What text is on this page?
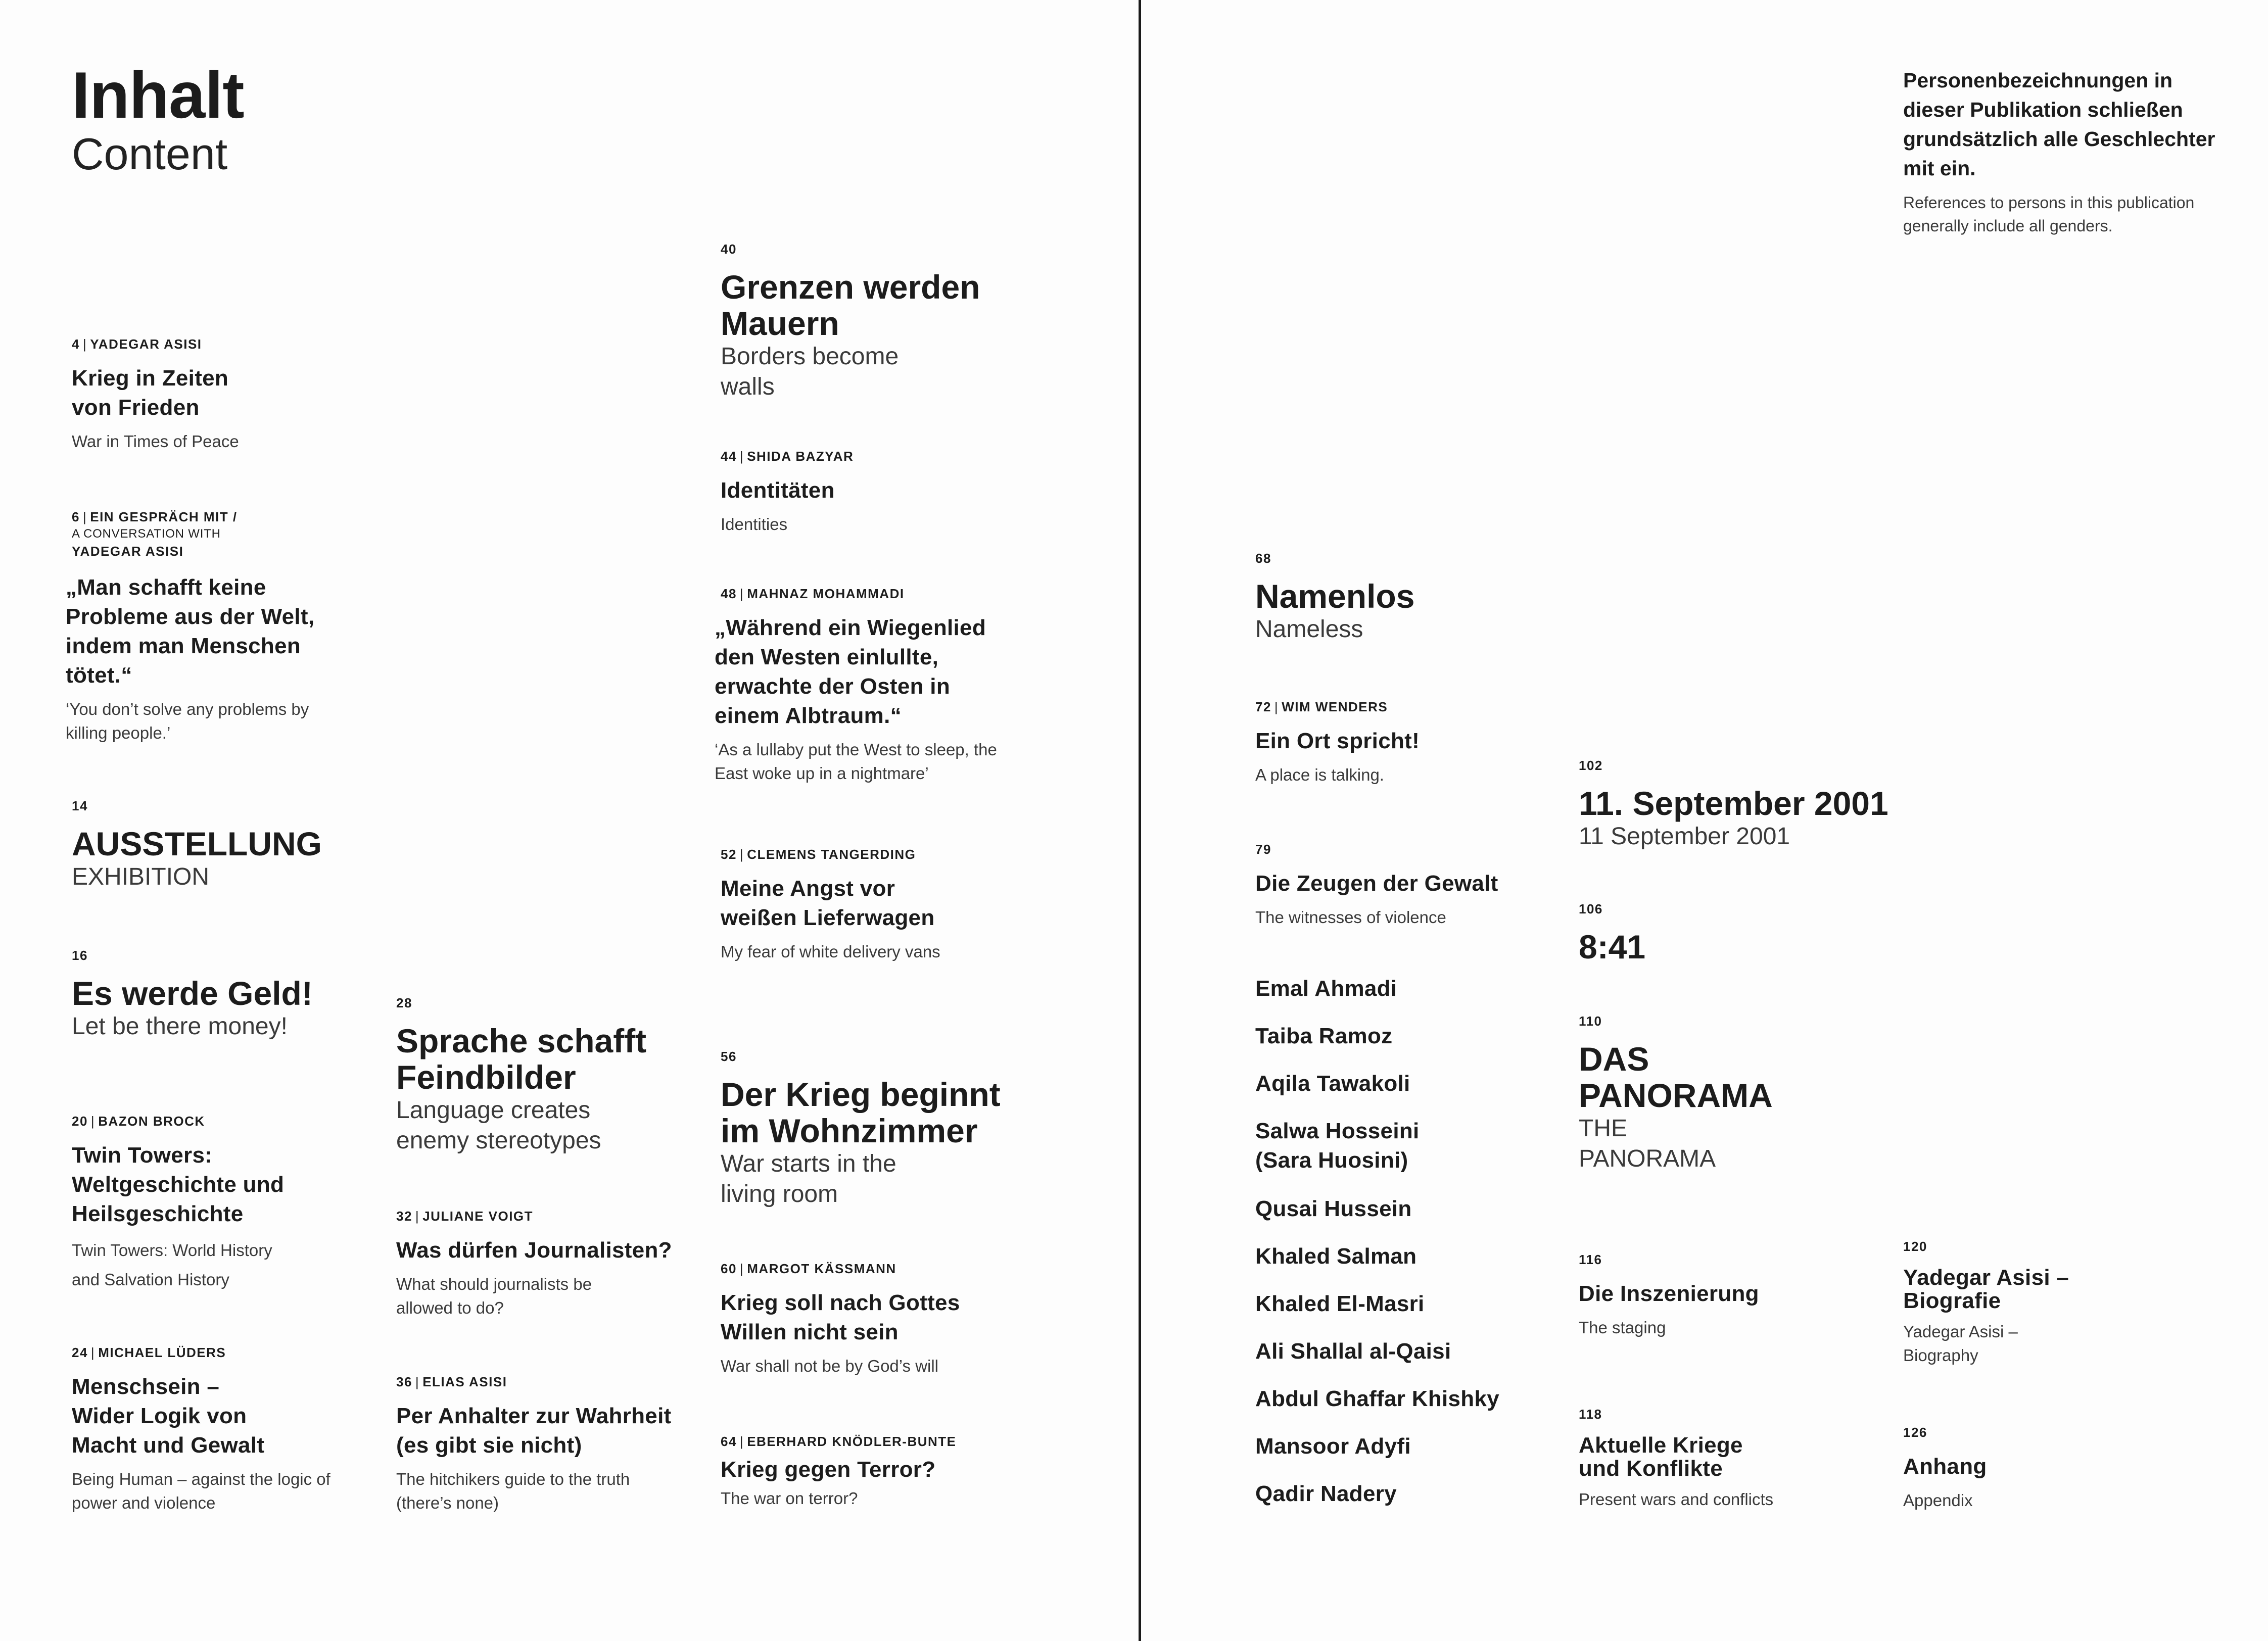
Inhalt
Content
4 | YADEGAR ASISI
Krieg in Zeiten von Frieden
War in Times of Peace
6 | EIN GESPRÄCH MIT /
A CONVERSATION WITH
YADEGAR ASISI
„Man schafft keine Probleme aus der Welt, indem man Menschen tötet.“
‘You don’t solve any problems by killing people.’
14
AUSSTELLUNG
EXHIBITION
16
Es werde Geld!
Let be there money!
20 | BAZON BROCK
Twin Towers: Weltgeschichte und Heilsgeschichte
Twin Towers: World History and Salvation History
24 | MICHAEL LÜDERS
Menschsein – Wider Logik von Macht und Gewalt
Being Human – against the logic of power and violence
28
Sprache schafft Feindbilder
Language creates enemy stereotypes
32 | JULIANE VOIGT
Was dürfen Journalisten?
What should journalists be allowed to do?
36 | ELIAS ASISI
Per Anhalter zur Wahrheit (es gibt sie nicht)
The hitchikers guide to the truth (there’s none)
40
Grenzen werden Mauern
Borders become walls
44 | SHIDA BAZYAR
Identitäten
Identities
48 | MAHNAZ MOHAMMADI
„Während ein Wiegenlied den Westen einlullte, erwachte der Osten in einem Albtraum.“
‘As a lullaby put the West to sleep, the East woke up in a nightmare’
52 | CLEMENS TANGERDING
Meine Angst vor weißen Lieferwagen
My fear of white delivery vans
56
Der Krieg beginnt im Wohnzimmer
War starts in the living room
60 | MARGOT KÄSSMANN
Krieg soll nach Gottes Willen nicht sein
War shall not be by God’s will
64 | EBERHARD KNÖDLER-BUNTE
Krieg gegen Terror?
The war on terror?
68
Namenlos
Nameless
72 | WIM WENDERS
Ein Ort spricht!
A place is talking.
79
Die Zeugen der Gewalt
The witnesses of violence
Emal Ahmadi
Taiba Ramoz
Aqila Tawakoli
Salwa Hosseini (Sara Huosini)
Qusai Hussein
Khaled Salman
Khaled El-Masri
Ali Shallal al-Qaisi
Abdul Ghaffar Khishky
Mansoor Adyfi
Qadir Nadery
102
11. September 2001
11 September 2001
106
8:41
110
DAS PANORAMA
THE PANORAMA
116
Die Inszenierung
The staging
118
Aktuelle Kriege und Konflikte
Present wars and conflicts
120
Yadegar Asisi – Biografie
Yadegar Asisi – Biography
126
Anhang
Appendix
Personenbezeichnungen in dieser Publikation schließen grundsätzlich alle Geschlechter mit ein.
References to persons in this publication generally include all genders.
